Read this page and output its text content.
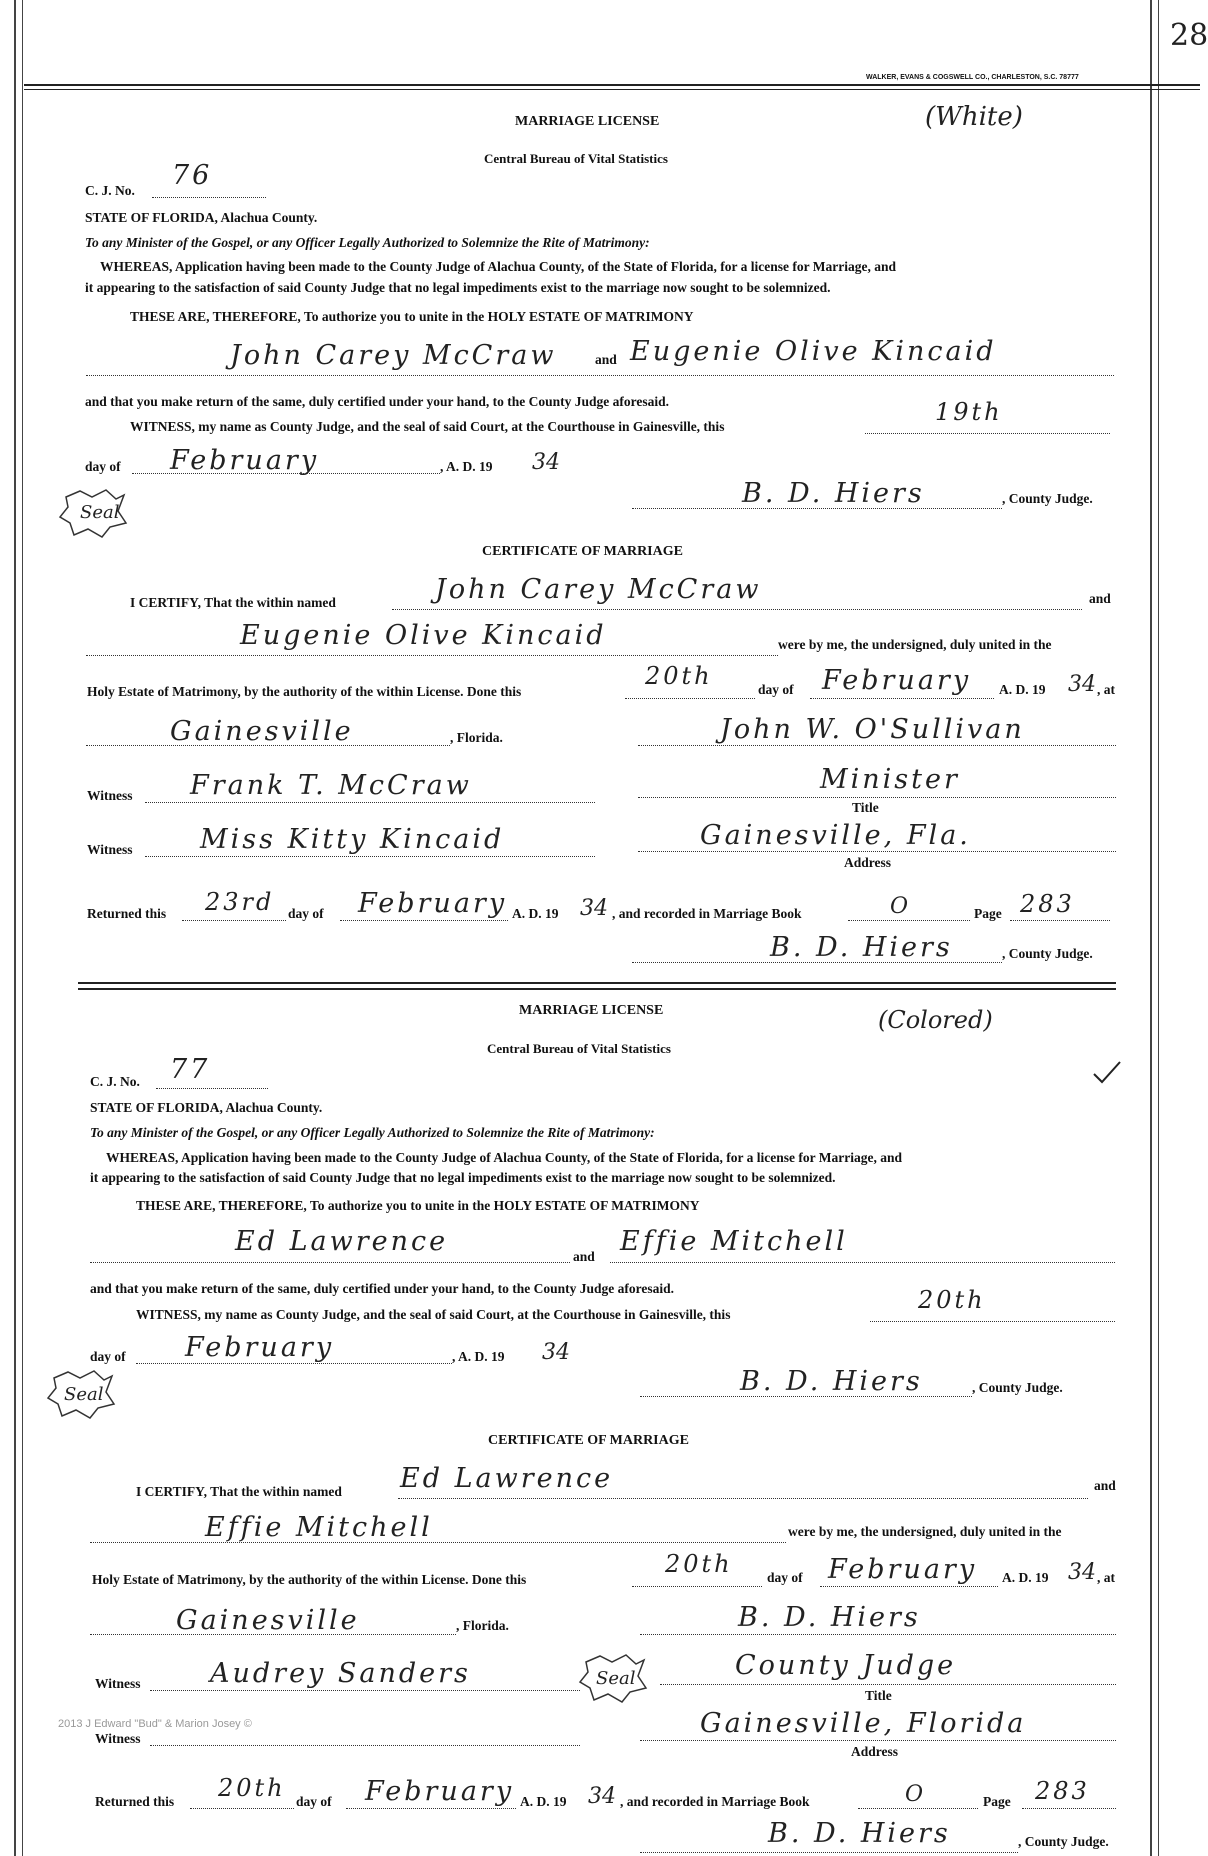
28
WALKER, EVANS & COGSWELL CO., CHARLESTON, S.C. 78777
MARRIAGE LICENSE	(White)
Central Bureau of Vital Statistics
C. J. No. 76
STATE OF FLORIDA, Alachua County.
To any Minister of the Gospel, or any Officer Legally Authorized to Solemnize the Rite of Matrimony:
WHEREAS, Application having been made to the County Judge of Alachua County, of the State of Florida, for a license for Marriage, and
it appearing to the satisfaction of said County Judge that no legal impediments exist to the marriage now sought to be solemnized.
THESE ARE, THEREFORE, To authorize you to unite in the HOLY ESTATE OF MATRIMONY
John Carey McCraw	and Eugenie Olive Kincaid
and that you make return of the same, duly certified under your hand, to the County Judge aforesaid.
WITNESS, my name as County Judge, and the seal of said Court, at the Courthouse in Gainesville, this
19th
day of February	, A. D. 19 34
Seal
B. D. Hiers	, County Judge.
CERTIFICATE OF MARRIAGE
I CERTIFY, That the within named	John Carey McCraw	and
Eugenie Olive Kincaid	were by me, the undersigned, duly united in the
Holy Estate of Matrimony, by the authority of the within License. Done this
20th	day of February A. D. 19 34 , at
Gainesville	, Florida.	John W. O'Sullivan
Witness Frank T. McCraw	Minister
Title
Witness Miss Kitty Kincaid	Gainesville, Fla.
Address
Returned this 23rd day of February A. D. 19 34 , and recorded in Marriage Book	O	Page 283
B. D. Hiers	, County Judge.
MARRIAGE LICENSE	(Colored)
Central Bureau of Vital Statistics
C. J. No. 77
STATE OF FLORIDA, Alachua County.
To any Minister of the Gospel, or any Officer Legally Authorized to Solemnize the Rite of Matrimony:
WHEREAS, Application having been made to the County Judge of Alachua County, of the State of Florida, for a license for Marriage, and
it appearing to the satisfaction of said County Judge that no legal impediments exist to the marriage now sought to be solemnized.
THESE ARE, THEREFORE, To authorize you to unite in the HOLY ESTATE OF MATRIMONY
Ed Lawrence	and Effie Mitchell
and that you make return of the same, duly certified under your hand, to the County Judge aforesaid.
WITNESS, my name as County Judge, and the seal of said Court, at the Courthouse in Gainesville, this
20th
day of February	, A. D. 19 34
Seal	B. D. Hiers	, County Judge.
CERTIFICATE OF MARRIAGE
I CERTIFY, That the within named Ed Lawrence	and
Effie Mitchell	were by me, the undersigned, duly united in the
Holy Estate of Matrimony, by the authority of the within License. Done this
20th	day of February A. D. 19 34 , at
Gainesville	, Florida.	B. D. Hiers
Witness	Audrey Sanders	Seal	County Judge
Title
Witness	Gainesville, Florida
Address
2013 J Edward "Bud" & Marion Josey ©
Returned this 20th day of February A. D. 19 34 , and recorded in Marriage Book	O	Page 283
B. D. Hiers	, County Judge.
